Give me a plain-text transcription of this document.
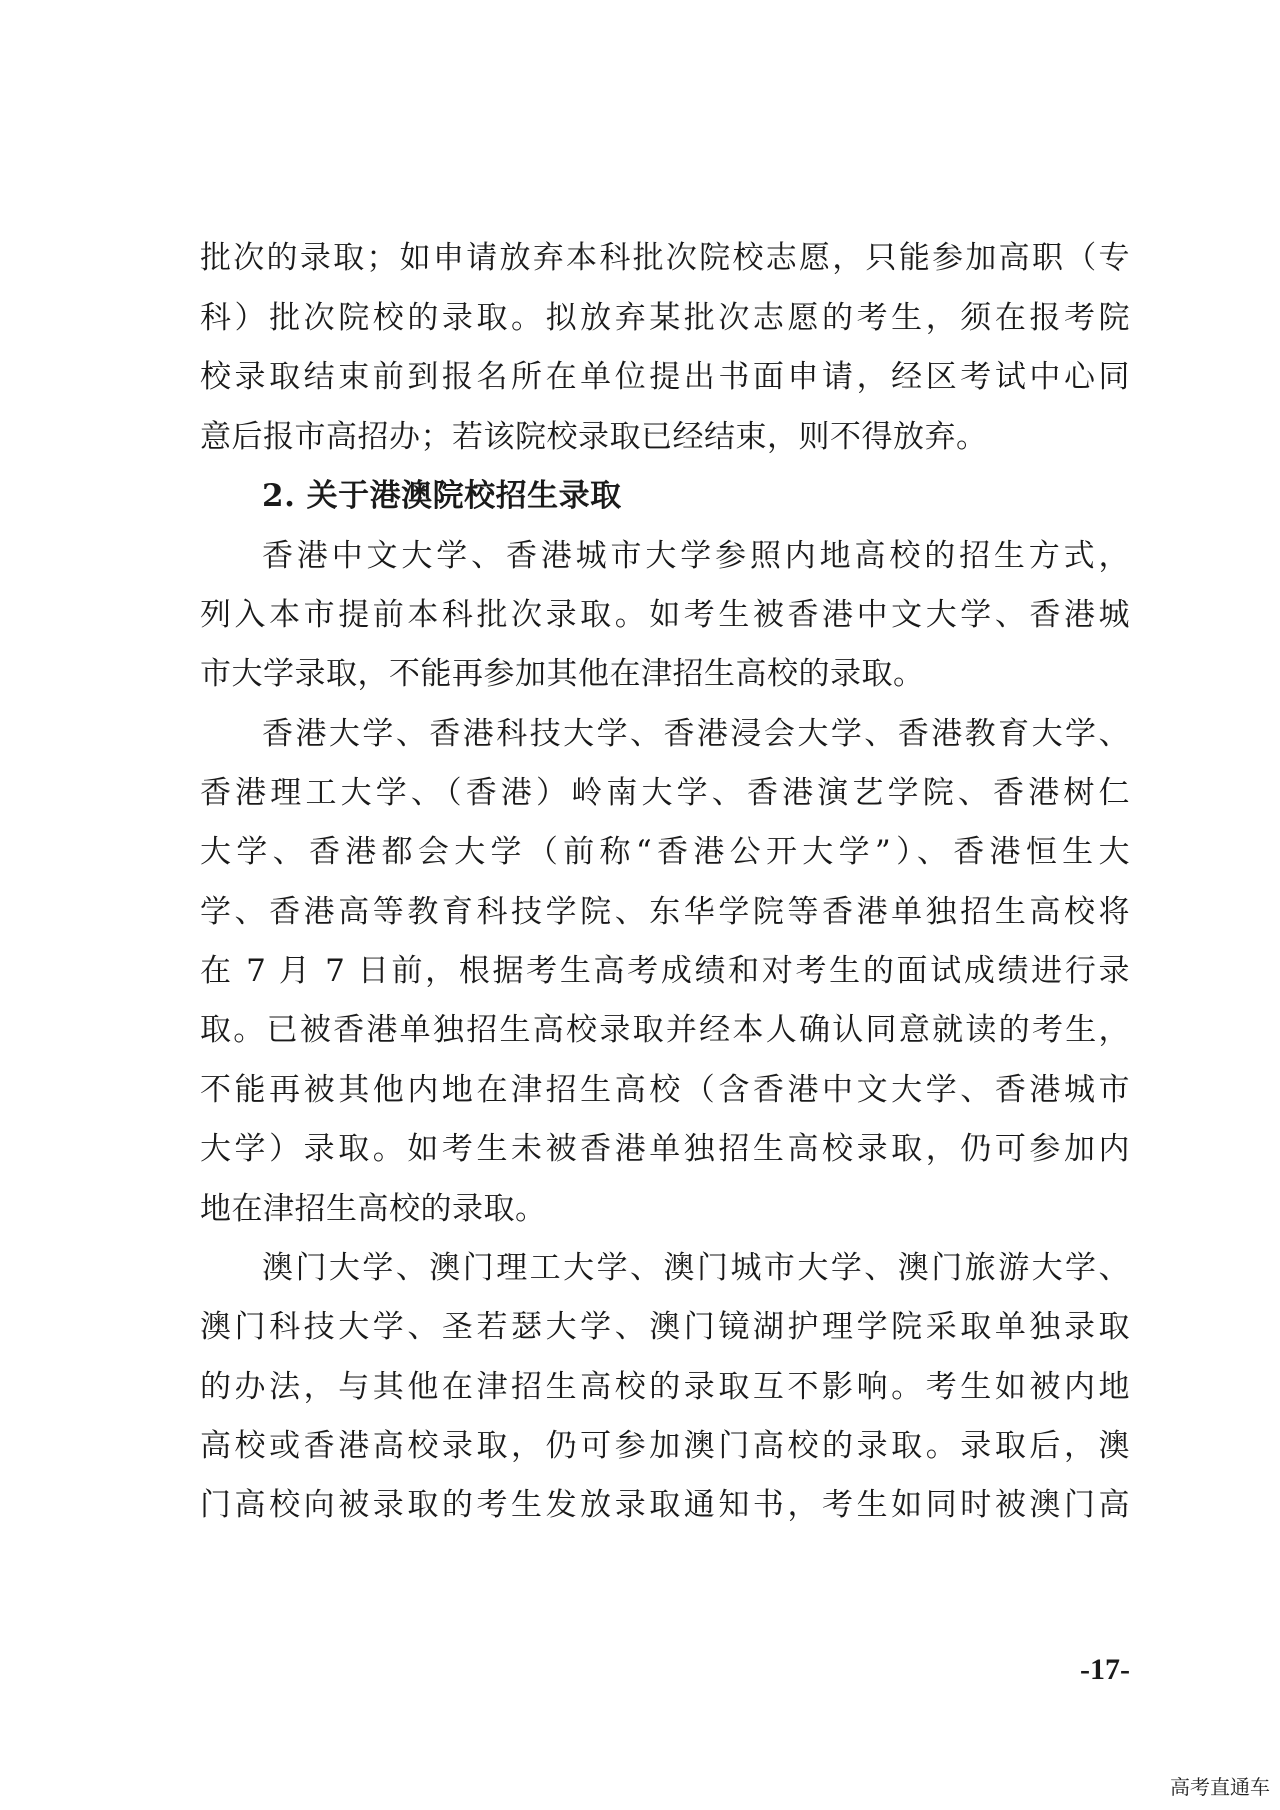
批次的录取；如申请放弃本科批次院校志愿，只能参加高职（专
科）批次院校的录取。拟放弃某批次志愿的考生，须在报考院
校录取结束前到报名所在单位提出书面申请，经区考试中心同
意后报市高招办；若该院校录取已经结束，则不得放弃。
2. 关于港澳院校招生录取
香港中文大学、香港城市大学参照内地高校的招生方式，
列入本市提前本科批次录取。如考生被香港中文大学、香港城
市大学录取，不能再参加其他在津招生高校的录取。
香港大学、香港科技大学、香港浸会大学、香港教育大学、
香港理工大学、（香港）岭南大学、香港演艺学院、香港树仁
大学、香港都会大学（前称“香港公开大学”）、香港恒生大
学、香港高等教育科技学院、东华学院等香港单独招生高校将
在 7 月 7 日前，根据考生高考成绩和对考生的面试成绩进行录
取。已被香港单独招生高校录取并经本人确认同意就读的考生，
不能再被其他内地在津招生高校（含香港中文大学、香港城市
大学）录取。如考生未被香港单独招生高校录取，仍可参加内
地在津招生高校的录取。
澳门大学、澳门理工大学、澳门城市大学、澳门旅游大学、
澳门科技大学、圣若瑟大学、澳门镜湖护理学院采取单独录取
的办法，与其他在津招生高校的录取互不影响。考生如被内地
高校或香港高校录取，仍可参加澳门高校的录取。录取后，澳
门高校向被录取的考生发放录取通知书，考生如同时被澳门高
-17-
高考直通车
